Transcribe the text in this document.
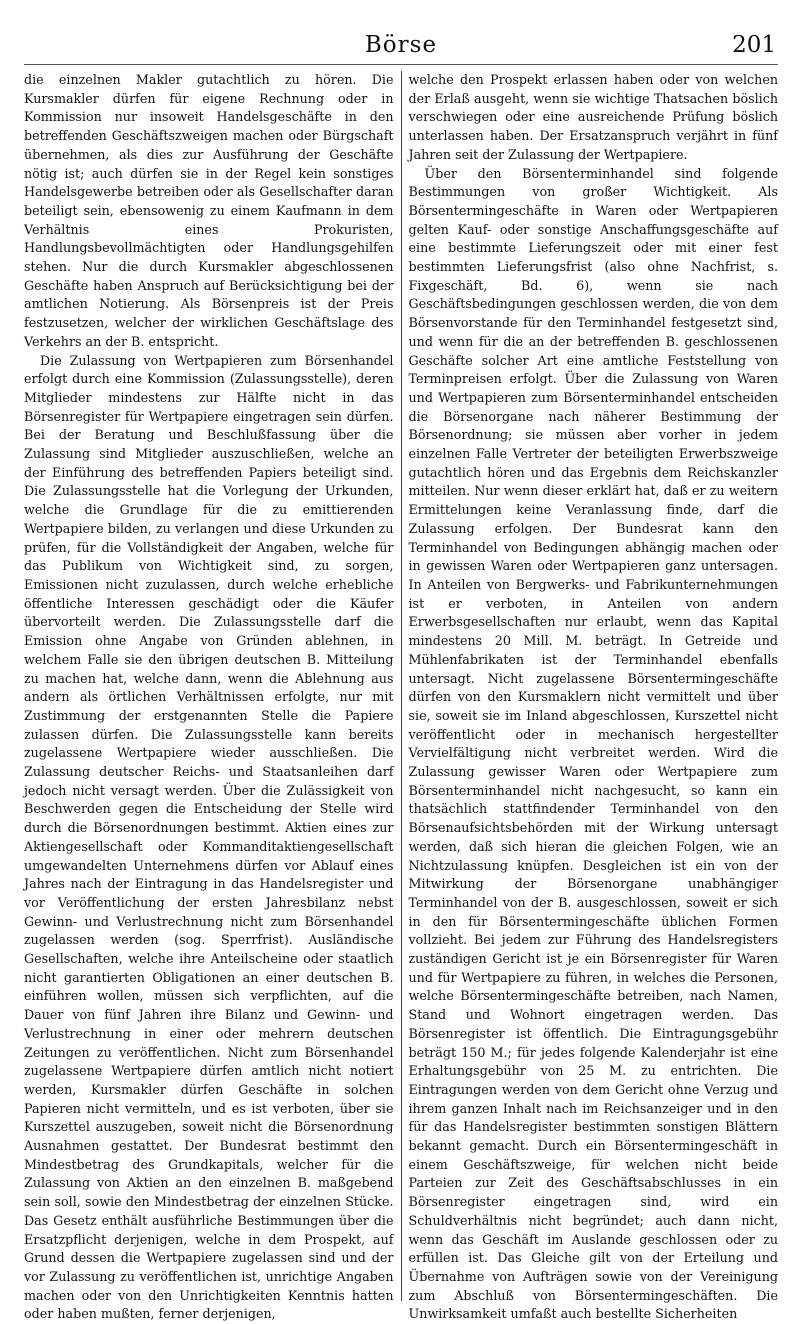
Börse	201

die einzelnen Makler gutachtlich zu hören. Die Kursmakler dürfen für eigene Rechnung oder in Kommission nur insoweit Handelsgeschäfte in den betreffenden Geschäftszweigen machen oder Bürgschaft übernehmen, als dies zur Ausführung der Geschäfte nötig ist; auch dürfen sie in der Regel kein sonstiges Handelsgewerbe betreiben oder als Gesellschafter daran beteiligt sein, ebensowenig zu einem Kaufmann in dem Verhältnis eines Prokuristen, Handlungsbevollmächtigten oder Handlungsgehilfen stehen. Nur die durch Kursmakler abgeschlossenen Geschäfte haben Anspruch auf Berücksichtigung bei der amtlichen Notierung. Als Börsenpreis ist der Preis festzusetzen, welcher der wirklichen Geschäftslage des Verkehrs an der B. entspricht.

Die Zulassung von Wertpapieren zum Börsenhandel erfolgt durch eine Kommission (Zulassungsstelle), deren Mitglieder mindestens zur Hälfte nicht in das Börsenregister für Wertpapiere eingetragen sein dürfen. Bei der Beratung und Beschlußfassung über die Zulassung sind Mitglieder auszuschließen, welche an der Einführung des betreffenden Papiers beteiligt sind. Die Zulassungsstelle hat die Vorlegung der Urkunden, welche die Grundlage für die zu emittierenden Wertpapiere bilden, zu verlangen und diese Urkunden zu prüfen, für die Vollständigkeit der Angaben, welche für das Publikum von Wichtigkeit sind, zu sorgen, Emissionen nicht zuzulassen, durch welche erhebliche öffentliche Interessen geschädigt oder die Käufer übervorteilt werden. Die Zulassungsstelle darf die Emission ohne Angabe von Gründen ablehnen, in welchem Falle sie den übrigen deutschen B. Mitteilung zu machen hat, welche dann, wenn die Ablehnung aus andern als örtlichen Verhältnissen erfolgte, nur mit Zustimmung der erstgenannten Stelle die Papiere zulassen dürfen. Die Zulassungsstelle kann bereits zugelassene Wertpapiere wieder ausschließen. Die Zulassung deutscher Reichs- und Staatsanleihen darf jedoch nicht versagt werden. Über die Zulässigkeit von Beschwerden gegen die Entscheidung der Stelle wird durch die Börsenordnungen bestimmt. Aktien eines zur Aktiengesellschaft oder Kommanditaktiengesellschaft umgewandelten Unternehmens dürfen vor Ablauf eines Jahres nach der Eintragung in das Handelsregister und vor Veröffentlichung der ersten Jahresbilanz nebst Gewinn- und Verlustrechnung nicht zum Börsenhandel zugelassen werden (sog. Sperrfrist). Ausländische Gesellschaften, welche ihre Anteilscheine oder staatlich nicht garantierten Obligationen an einer deutschen B. einführen wollen, müssen sich verpflichten, auf die Dauer von fünf Jahren ihre Bilanz und Gewinn- und Verlustrechnung in einer oder mehrern deutschen Zeitungen zu veröffentlichen. Nicht zum Börsenhandel zugelassene Wertpapiere dürfen amtlich nicht notiert werden, Kursmakler dürfen Geschäfte in solchen Papieren nicht vermitteln, und es ist verboten, über sie Kurszettel auszugeben, soweit nicht die Börsenordnung Ausnahmen gestattet. Der Bundesrat bestimmt den Mindestbetrag des Grundkapitals, welcher für die Zulassung von Aktien an den einzelnen B. maßgebend sein soll, sowie den Mindestbetrag der einzelnen Stücke. Das Gesetz enthält ausführliche Bestimmungen über die Ersatzpflicht derjenigen, welche in dem Prospekt, auf Grund dessen die Wertpapiere zugelassen sind und der vor Zulassung zu veröffentlichen ist, unrichtige Angaben machen oder von den Unrichtigkeiten Kenntnis hatten oder haben mußten, ferner derjenigen,

welche den Prospekt erlassen haben oder von welchen der Erlaß ausgeht, wenn sie wichtige Thatsachen böslich verschwiegen oder eine ausreichende Prüfung böslich unterlassen haben. Der Ersatzanspruch verjährt in fünf Jahren seit der Zulassung der Wertpapiere.

Über den Börsenterminhandel sind folgende Bestimmungen von großer Wichtigkeit. Als Börsentermingeschäfte in Waren oder Wertpapieren gelten Kauf- oder sonstige Anschaffungsgeschäfte auf eine bestimmte Lieferungszeit oder mit einer fest bestimmten Lieferungsfrist (also ohne Nachfrist, s. Fixgeschäft, Bd. 6), wenn sie nach Geschäftsbedingungen geschlossen werden, die von dem Börsenvorstande für den Terminhandel festgesetzt sind, und wenn für die an der betreffenden B. geschlossenen Geschäfte solcher Art eine amtliche Feststellung von Terminpreisen erfolgt. Über die Zulassung von Waren und Wertpapieren zum Börsenterminhandel entscheiden die Börsenorgane nach näherer Bestimmung der Börsenordnung; sie müssen aber vorher in jedem einzelnen Falle Vertreter der beteiligten Erwerbszweige gutachtlich hören und das Ergebnis dem Reichskanzler mitteilen. Nur wenn dieser erklärt hat, daß er zu weitern Ermittelungen keine Veranlassung finde, darf die Zulassung erfolgen. Der Bundesrat kann den Terminhandel von Bedingungen abhängig machen oder in gewissen Waren oder Wertpapieren ganz untersagen. In Anteilen von Bergwerks- und Fabrikunternehmungen ist er verboten, in Anteilen von andern Erwerbsgesellschaften nur erlaubt, wenn das Kapital mindestens 20 Mill. M. beträgt. In Getreide und Mühlenfabrikaten ist der Terminhandel ebenfalls untersagt. Nicht zugelassene Börsentermingeschäfte dürfen von den Kursmaklern nicht vermittelt und über sie, soweit sie im Inland abgeschlossen, Kurszettel nicht veröffentlicht oder in mechanisch hergestellter Vervielfältigung nicht verbreitet werden. Wird die Zulassung gewisser Waren oder Wertpapiere zum Börsenterminhandel nicht nachgesucht, so kann ein thatsächlich stattfindender Terminhandel von den Börsenaufsichtsbehörden mit der Wirkung untersagt werden, daß sich hieran die gleichen Folgen, wie an Nichtzulassung knüpfen. Desgleichen ist ein von der Mitwirkung der Börsenorgane unabhängiger Terminhandel von der B. ausgeschlossen, soweit er sich in den für Börsentermingeschäfte üblichen Formen vollzieht. Bei jedem zur Führung des Handelsregisters zuständigen Gericht ist je ein Börsenregister für Waren und für Wertpapiere zu führen, in welches die Personen, welche Börsentermingeschäfte betreiben, nach Namen, Stand und Wohnort eingetragen werden. Das Börsenregister ist öffentlich. Die Eintragungsgebühr beträgt 150 M.; für jedes folgende Kalenderjahr ist eine Erhaltungsgebühr von 25 M. zu entrichten. Die Eintragungen werden von dem Gericht ohne Verzug und ihrem ganzen Inhalt nach im Reichsanzeiger und in den für das Handelsregister bestimmten sonstigen Blättern bekannt gemacht. Durch ein Börsentermingeschäft in einem Geschäftszweige, für welchen nicht beide Parteien zur Zeit des Geschäftsabschlusses in ein Börsenregister eingetragen sind, wird ein Schuldverhältnis nicht begründet; auch dann nicht, wenn das Geschäft im Auslande geschlossen oder zu erfüllen ist. Das Gleiche gilt von der Erteilung und Übernahme von Aufträgen sowie von der Vereinigung zum Abschluß von Börsentermingeschäften. Die Unwirksamkeit umfaßt auch bestellte Sicherheiten
